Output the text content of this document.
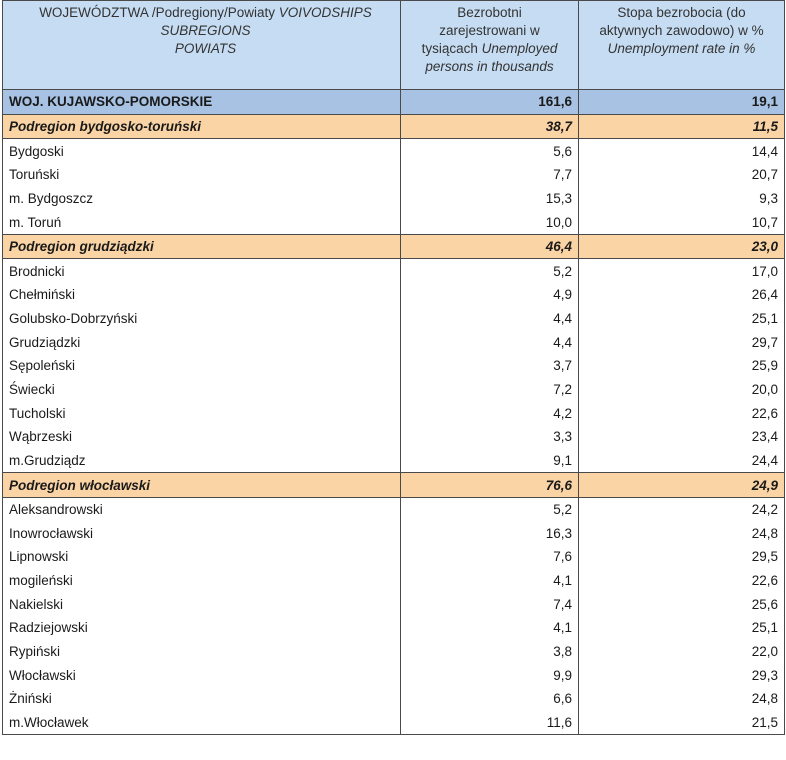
WOJEWÓDZTWA /Podregiony/Powiaty VOIVODSHIPS
SUBREGIONS
POWIATS	Bezrobotni
zarejestrowani w
tysiącach Unemployed
persons in thousands	Stopa bezrobocia (do
aktywnych zawodowo) w %
Unemployment rate in %

WOJ. KUJAWSKO-POMORSKIE	161,6	19,1
Podregion bydgosko-toruński	38,7	11,5
Bydgoski	5,6	14,4
Toruński	7,7	20,7
m. Bydgoszcz	15,3	9,3
m. Toruń	10,0	10,7
Podregion grudziądzki	46,4	23,0
Brodnicki	5,2	17,0
Chełmiński	4,9	26,4
Golubsko-Dobrzyński	4,4	25,1
Grudziądzki	4,4	29,7
Sępoleński	3,7	25,9
Świecki	7,2	20,0
Tucholski	4,2	22,6
Wąbrzeski	3,3	23,4
m.Grudziądz	9,1	24,4
Podregion włocławski	76,6	24,9
Aleksandrowski	5,2	24,2
Inowrocławski	16,3	24,8
Lipnowski	7,6	29,5
mogileński	4,1	22,6
Nakielski	7,4	25,6
Radziejowski	4,1	25,1
Rypiński	3,8	22,0
Włocławski	9,9	29,3
Żniński	6,6	24,8
m.Włocławek	11,6	21,5
